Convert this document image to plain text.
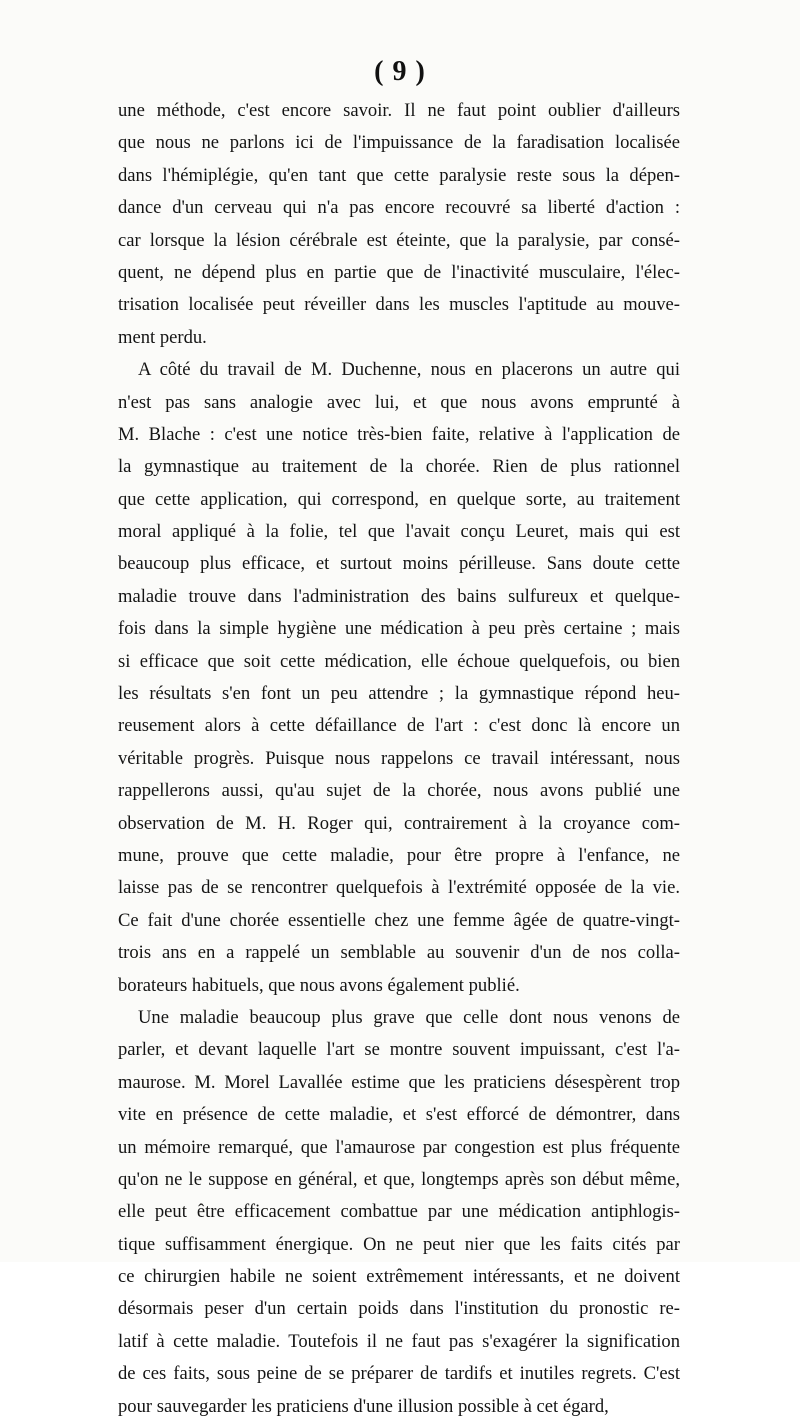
( 9 )
une méthode, c'est encore savoir. Il ne faut point oublier d'ailleurs
que nous ne parlons ici de l'impuissance de la faradisation localisée
dans l'hémiplégie, qu'en tant que cette paralysie reste sous la dépen-
dance d'un cerveau qui n'a pas encore recouvré sa liberté d'action :
car lorsque la lésion cérébrale est éteinte, que la paralysie, par consé-
quent, ne dépend plus en partie que de l'inactivité musculaire, l'élec-
trisation localisée peut réveiller dans les muscles l'aptitude au mouve-
ment perdu.
A côté du travail de M. Duchenne, nous en placerons un autre qui
n'est pas sans analogie avec lui, et que nous avons emprunté à
M. Blache : c'est une notice très-bien faite, relative à l'application de
la gymnastique au traitement de la chorée. Rien de plus rationnel
que cette application, qui correspond, en quelque sorte, au traitement
moral appliqué à la folie, tel que l'avait conçu Leuret, mais qui est
beaucoup plus efficace, et surtout moins périlleuse. Sans doute cette
maladie trouve dans l'administration des bains sulfureux et quelque-
fois dans la simple hygiène une médication à peu près certaine ; mais
si efficace que soit cette médication, elle échoue quelquefois, ou bien
les résultats s'en font un peu attendre ; la gymnastique répond heu-
reusement alors à cette défaillance de l'art : c'est donc là encore un
véritable progrès. Puisque nous rappelons ce travail intéressant, nous
rappellerons aussi, qu'au sujet de la chorée, nous avons publié une
observation de M. H. Roger qui, contrairement à la croyance com-
mune, prouve que cette maladie, pour être propre à l'enfance, ne
laisse pas de se rencontrer quelquefois à l'extrémité opposée de la vie.
Ce fait d'une chorée essentielle chez une femme âgée de quatre-vingt-
trois ans en a rappelé un semblable au souvenir d'un de nos colla-
borateurs habituels, que nous avons également publié.
Une maladie beaucoup plus grave que celle dont nous venons de
parler, et devant laquelle l'art se montre souvent impuissant, c'est l'a-
maurose. M. Morel Lavallée estime que les praticiens désespèrent trop
vite en présence de cette maladie, et s'est efforcé de démontrer, dans
un mémoire remarqué, que l'amaurose par congestion est plus fréquente
qu'on ne le suppose en général, et que, longtemps après son début même,
elle peut être efficacement combattue par une médication antiphlogis-
tique suffisamment énergique. On ne peut nier que les faits cités par
ce chirurgien habile ne soient extrêmement intéressants, et ne doivent
désormais peser d'un certain poids dans l'institution du pronostic re-
latif à cette maladie. Toutefois il ne faut pas s'exagérer la signification
de ces faits, sous peine de se préparer de tardifs et inutiles regrets. C'est
pour sauvegarder les praticiens d'une illusion possible à cet égard,
